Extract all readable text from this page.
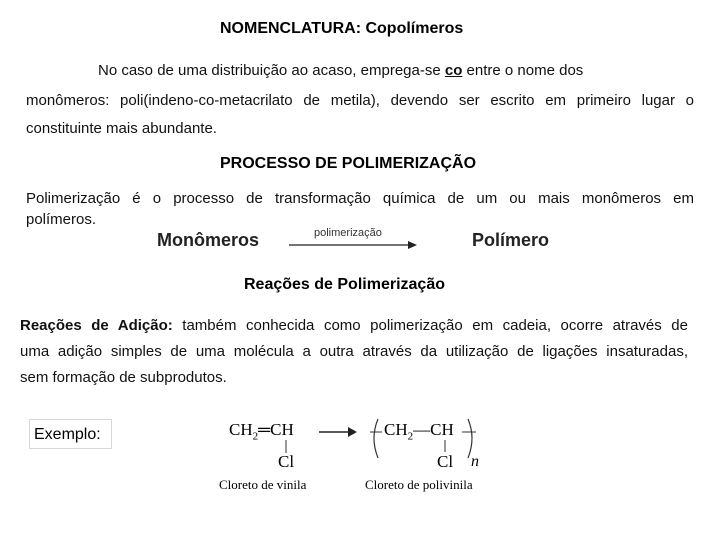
NOMENCLATURA: Copolímeros
No caso de uma distribuição ao acaso, emprega-se co entre o nome dos
monômeros: poli(indeno-co-metacrilato de metila), devendo ser escrito em primeiro lugar o
constituinte mais abundante.
PROCESSO DE POLIMERIZAÇÃO
Polimerização é o processo de transformação química de um ou mais monômeros em
polímeros.
Monômeros	polimerização	Polímero
Reações de Polimerização
Reações de Adição: também conhecida como polimerização em cadeia, ocorre através de
uma adição simples de uma molécula a outra através da utilização de ligações insaturadas,
sem formação de subprodutos.
Exemplo:	$CH_2═CH$
Cl
Cloreto de vinila
$CH_2—CH$
Cl n
Cloreto de polivinila
